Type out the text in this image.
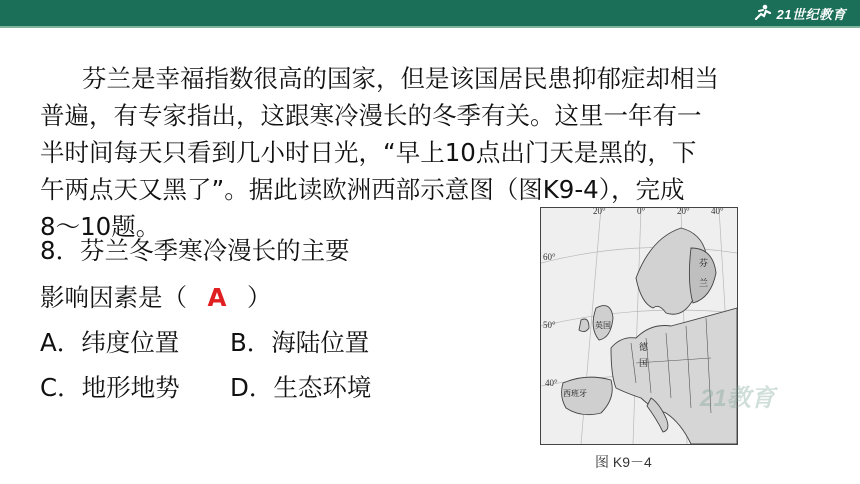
21世纪教育
芬兰是幸福指数很高的国家，但是该国居民患抑郁症却相当
普遍，有专家指出，这跟寒冷漫长的冬季有关。这里一年有一
半时间每天只看到几小时日光，“早上10点出门天是黑的，下
午两点天又黑了”。据此读欧洲西部示意图（图K9-4），完成
8～10题。
8．芬兰冬季寒冷漫长的主要
影响因素是（ A ）
A．纬度位置 B．海陆位置
C．地形地势 D．生态环境
20°	0°	20° 40°
60°
50°
40°
芬
兰
英国
德
国
西班牙	21教育
图 K9－4
